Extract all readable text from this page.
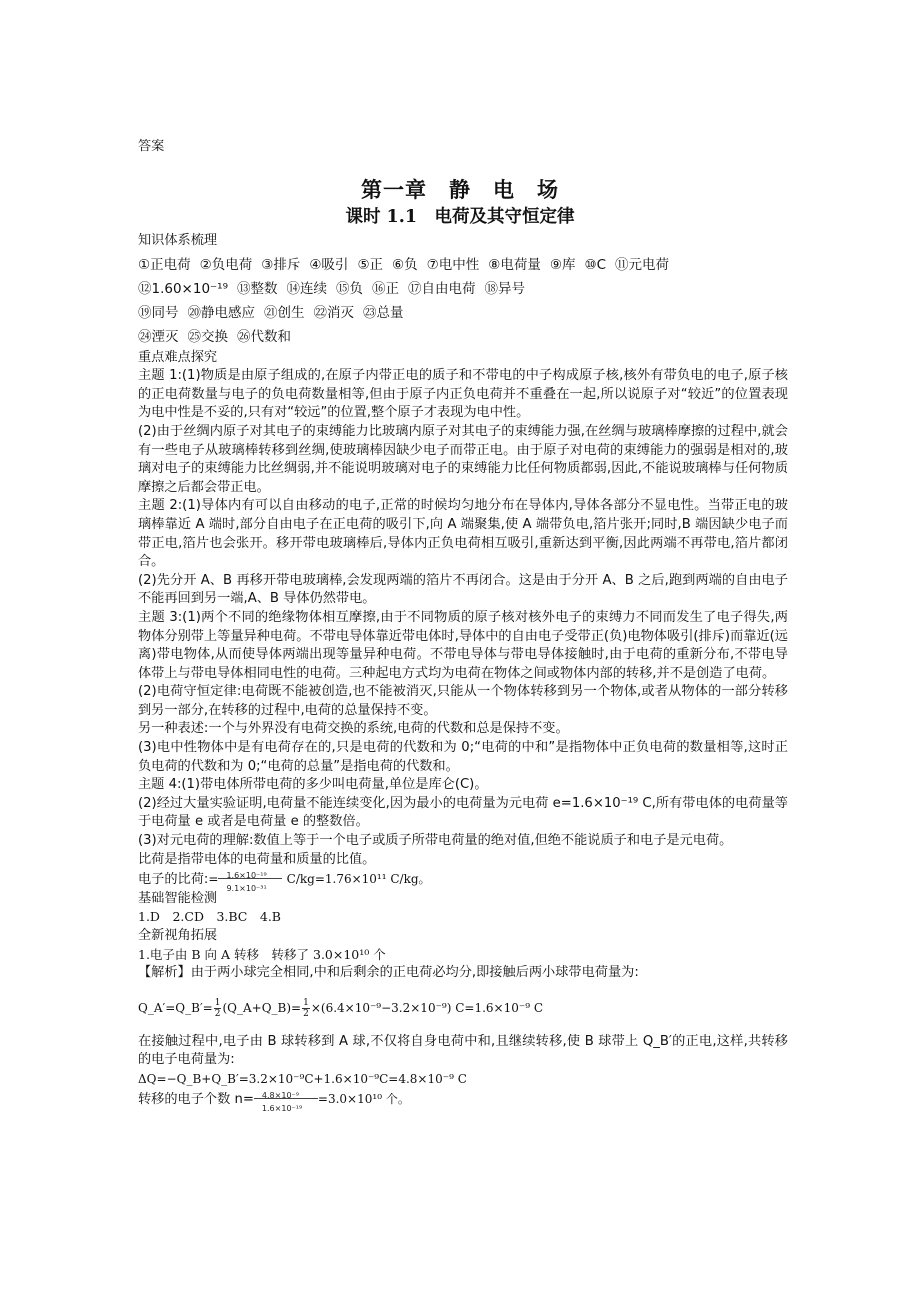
答案
第一章　静　电　场
课时 1.1　电荷及其守恒定律
知识体系梳理
①正电荷 ②负电荷 ③排斥 ④吸引 ⑤正 ⑥负 ⑦电中性 ⑧电荷量 ⑨库 ⑩C ⑪元电荷
⑫1.60×10⁻¹⁹ ⑬整数 ⑭连续 ⑮负 ⑯正 ⑰自由电荷 ⑱异号
⑲同号 ⑳静电感应 ㉑创生 ㉒消灭 ㉓总量
㉔湮灭 ㉕交换 ㉖代数和
重点难点探究

主题 1:(1)物质是由原子组成的,在原子内带正电的质子和不带电的中子构成原子核,核外有带负电的电子,原子核的正电荷数量与电子的负电荷数量相等,但由于原子内正负电荷并不重叠在一起,所以说原子对“较近”的位置表现为电中性是不妥的,只有对“较远”的位置,整个原子才表现为电中性。

(2)由于丝绸内原子对其电子的束缚能力比玻璃内原子对其电子的束缚能力强,在丝绸与玻璃棒摩擦的过程中,就会有一些电子从玻璃棒转移到丝绸,使玻璃棒因缺少电子而带正电。由于原子对电荷的束缚能力的强弱是相对的,玻璃对电子的束缚能力比丝绸弱,并不能说明玻璃对电子的束缚能力比任何物质都弱,因此,不能说玻璃棒与任何物质摩擦之后都会带正电。

主题 2:(1)导体内有可以自由移动的电子,正常的时候均匀地分布在导体内,导体各部分不显电性。当带正电的玻璃棒靠近 A 端时,部分自由电子在正电荷的吸引下,向 A 端聚集,使 A 端带负电,箔片张开;同时,B 端因缺少电子而带正电,箔片也会张开。移开带电玻璃棒后,导体内正负电荷相互吸引,重新达到平衡,因此两端不再带电,箔片都闭合。

(2)先分开 A、B 再移开带电玻璃棒,会发现两端的箔片不再闭合。这是由于分开 A、B 之后,跑到两端的自由电子不能再回到另一端,A、B 导体仍然带电。

主题 3:(1)两个不同的绝缘物体相互摩擦,由于不同物质的原子核对核外电子的束缚力不同而发生了电子得失,两物体分别带上等量异种电荷。不带电导体靠近带电体时,导体中的自由电子受带正(负)电物体吸引(排斥)而靠近(远离)带电物体,从而使导体两端出现等量异种电荷。不带电导体与带电导体接触时,由于电荷的重新分布,不带电导体带上与带电导体相同电性的电荷。三种起电方式均为电荷在物体之间或物体内部的转移,并不是创造了电荷。

(2)电荷守恒定律:电荷既不能被创造,也不能被消灭,只能从一个物体转移到另一个物体,或者从物体的一部分转移到另一部分,在转移的过程中,电荷的总量保持不变。

另一种表述:一个与外界没有电荷交换的系统,电荷的代数和总是保持不变。

(3)电中性物体中是有电荷存在的,只是电荷的代数和为 0;“电荷的中和”是指物体中正负电荷的数量相等,这时正负电荷的代数和为 0;“电荷的总量”是指电荷的代数和。

主题 4:(1)带电体所带电荷的多少叫电荷量,单位是库仑(C)。

(2)经过大量实验证明,电荷量不能连续变化,因为最小的电荷量为元电荷 e=1.6×10⁻¹⁹ C,所有带电体的电荷量等于电荷量 e 或者是电荷量 e 的整数倍。

(3)对元电荷的理解:数值上等于一个电子或质子所带电荷量的绝对值,但绝不能说质子和电子是元电荷。

比荷是指带电体的电荷量和质量的比值。

电子的比荷:= 1.6×10⁻¹⁹
9.1×10⁻³¹
C/kg=1.76×10¹¹ C/kg。
基础智能检测
1.D　2.CD　3.BC　4.B
全新视角拓展
1.电子由 B 向 A 转移　转移了 3.0×10¹⁰ 个
【解析】由于两小球完全相同,中和后剩余的正电荷必均分,即接触后两小球带电荷量为:
Q_A′=Q_B′= $\frac{1}{2}$ (Q_A+Q_B)= $\frac{1}{2} \times(6.4\times 10^{-9}-3.2\times 10^{-9})$ C=1.6×10⁻⁹ C
在接触过程中,电子由 B 球转移到 A 球,不仅将自身电荷中和,且继续转移,使 B 球带上 Q_B′的正电,这样,共转移的电子电荷量为:
ΔQ=−Q_B+Q_B′=3.2×10⁻⁹C+1.6×10⁻⁹C=4.8×10⁻⁹ C
转移的电子个数 n= 4.8×10⁻⁹
1.6×10⁻¹⁹
=3.0×10¹⁰ 个。
